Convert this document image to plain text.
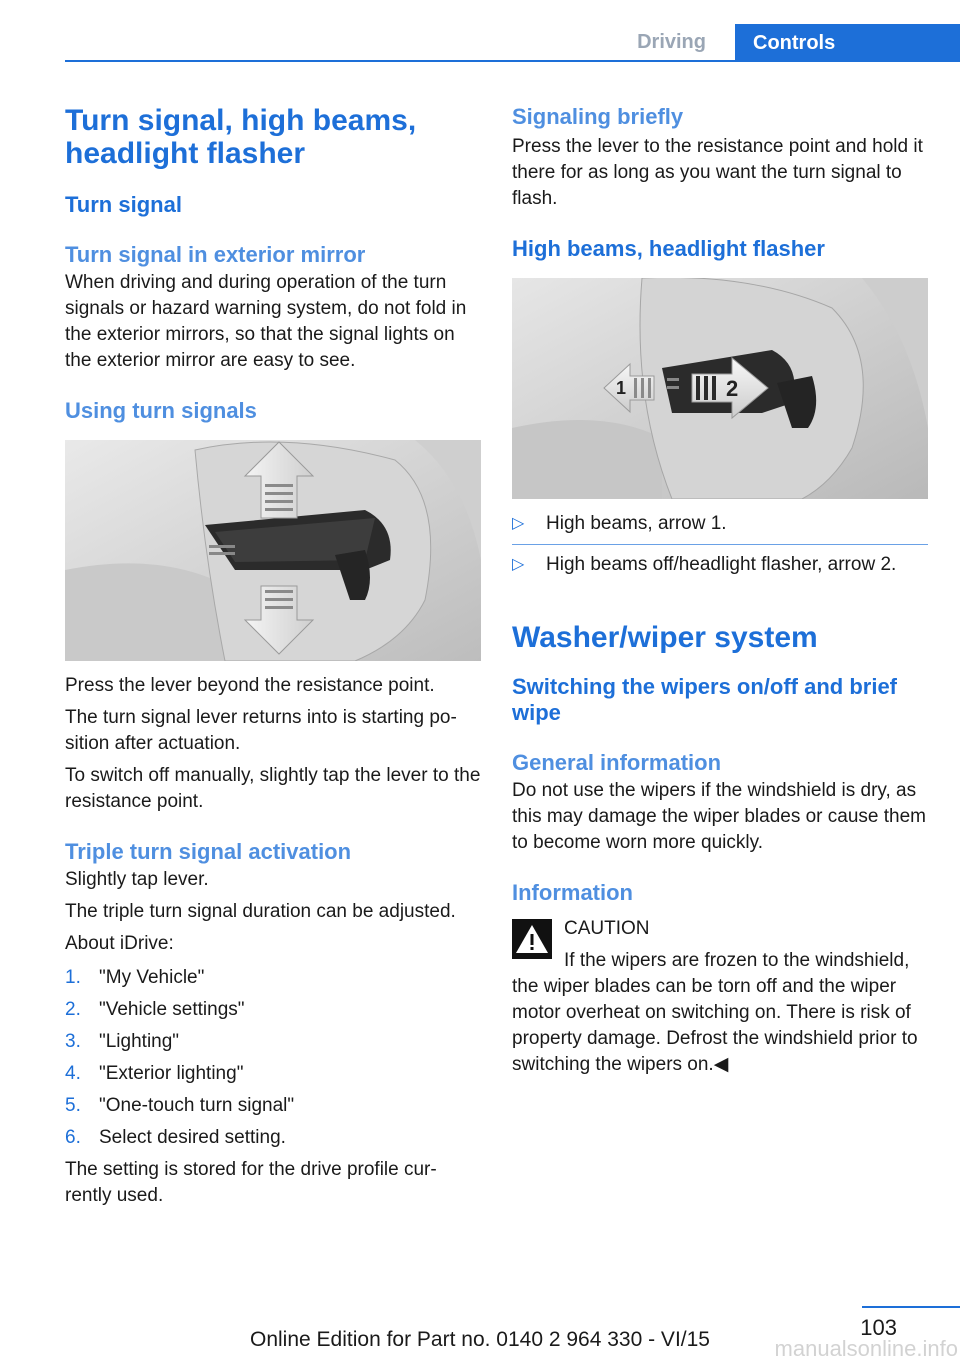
Driving	Controls
Turn signal, high beams, headlight flasher
Turn signal
Turn signal in exterior mirror

When driving and during operation of the turn signals or hazard warning system, do not fold in the exterior mirrors, so that the signal lights on the exterior mirror are easy to see.

Using turn signals

Press the lever beyond the resistance point.

The turn signal lever returns into is starting po‐sition after actuation.

To switch off manually, slightly tap the lever to the resistance point.

Triple turn signal activation

Slightly tap lever.

The triple turn signal duration can be adjusted.

About iDrive:

1. "My Vehicle"
2. "Vehicle settings"
3. "Lighting"
4. "Exterior lighting"
5. "One-touch turn signal"
6. Select desired setting.

The setting is stored for the drive profile cur‐rently used.

Signaling briefly

Press the lever to the resistance point and hold it there for as long as you want the turn signal to flash.

High beams, headlight flasher
1	2
▷ High beams, arrow 1.
▷ High beams off/headlight flasher, arrow 2.
Washer/wiper system
Switching the wipers on/off and brief wipe
General information

Do not use the wipers if the windshield is dry, as this may damage the wiper blades or cause them to become worn more quickly.

Information

CAUTION

If the wipers are frozen to the windshield, the wiper blades can be torn off and the wiper motor overheat on switching on. There is risk of property damage. Defrost the windshield prior to switching the wipers on.◀

103
Online Edition for Part no. 0140 2 964 330 - VI/15	manualsonline.info
